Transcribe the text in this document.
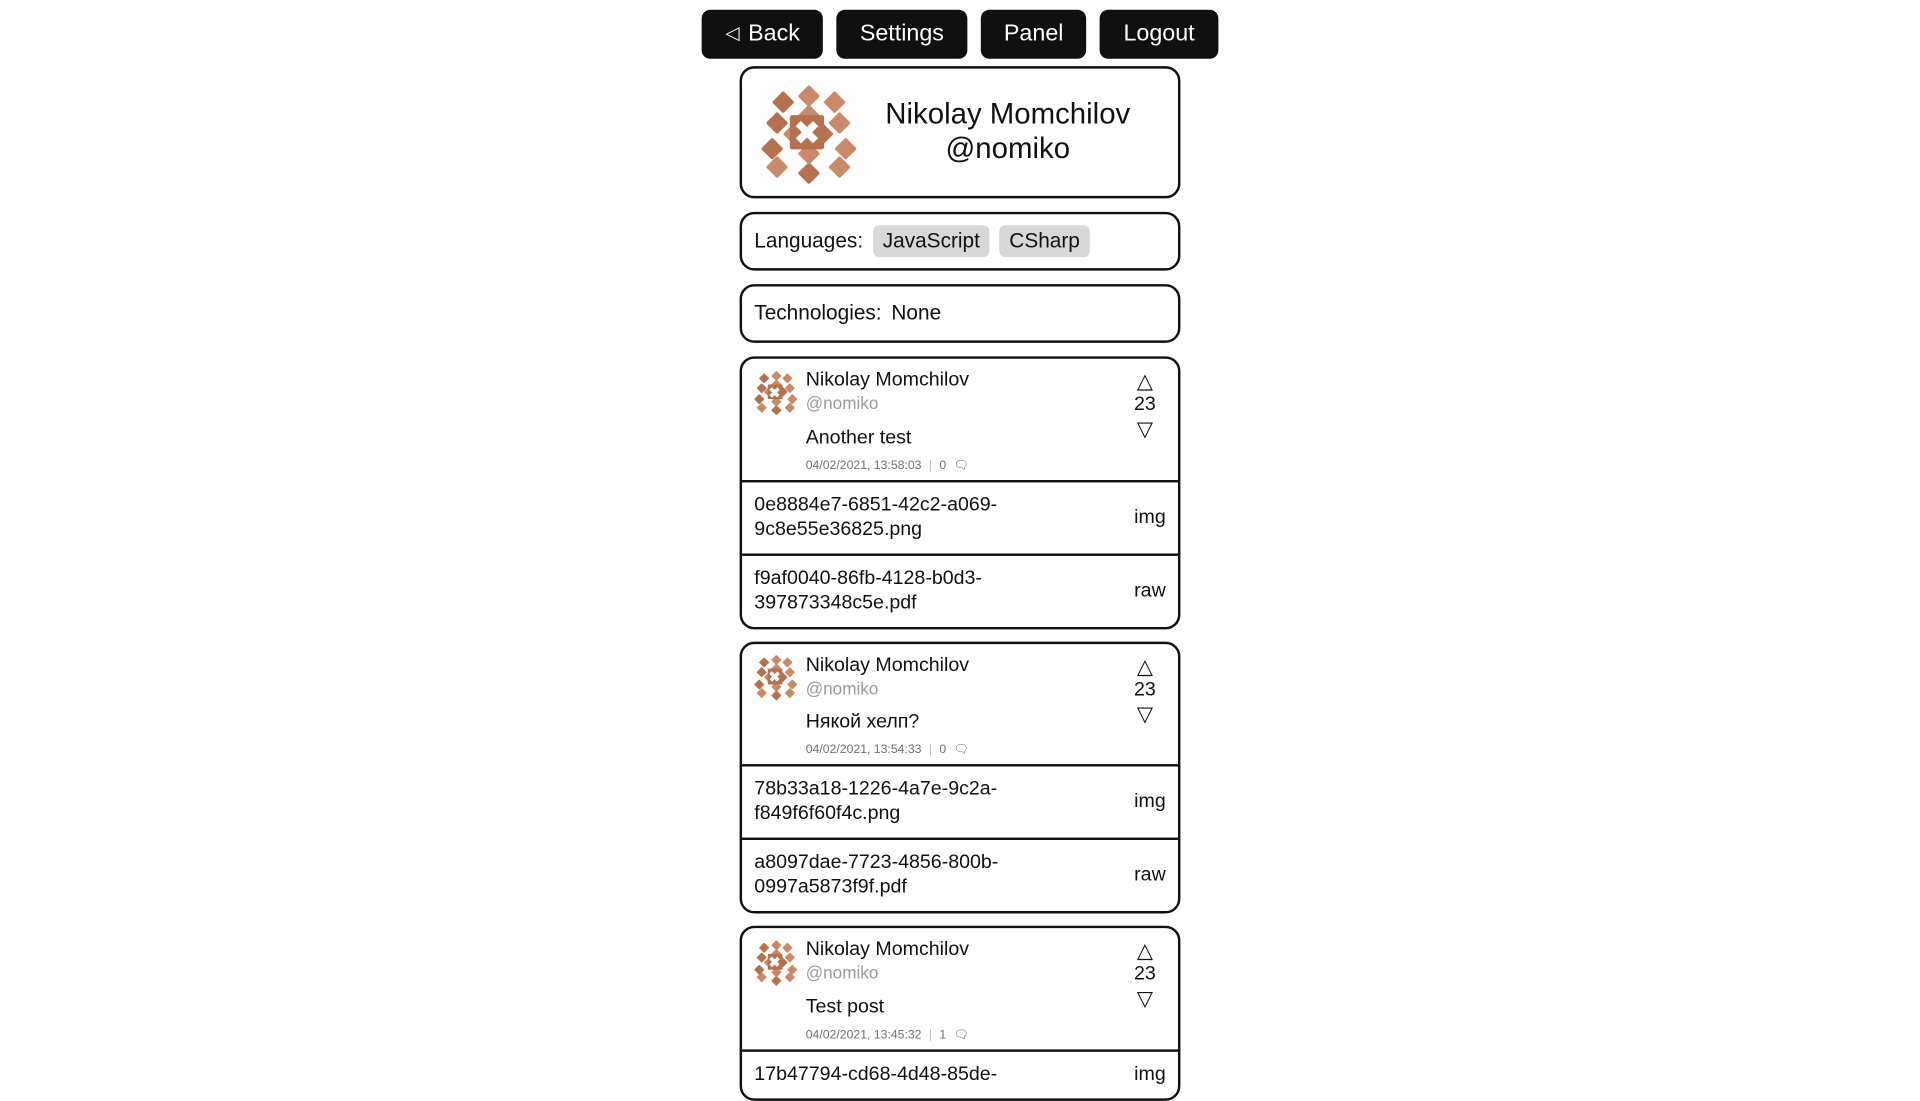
◁ Back	Settings	Panel	Logout
Nikolay Momchilov
@nomiko
Languages:	JavaScript	CSharp
Technologies: None
Nikolay Momchilov
@nomiko
Another test
04/02/2021, 13:58:03 | 0 🗨
△
23
▽
0e8884e7-6851-42c2-a069-9c8e55e36825.png
img
f9af0040-86fb-4128-b0d3-397873348c5e.pdf
raw
Nikolay Momchilov
@nomiko
Някой хелп?
04/02/2021, 13:54:33 | 0 🗨
△
23
▽
78b33a18-1226-4a7e-9c2a-f849f6f60f4c.png
img
a8097dae-7723-4856-800b-0997a5873f9f.pdf
raw
Nikolay Momchilov
@nomiko
Test post
04/02/2021, 13:45:32 | 1 🗨
△
23
▽
17b47794-cd68-4d48-85de-	img
